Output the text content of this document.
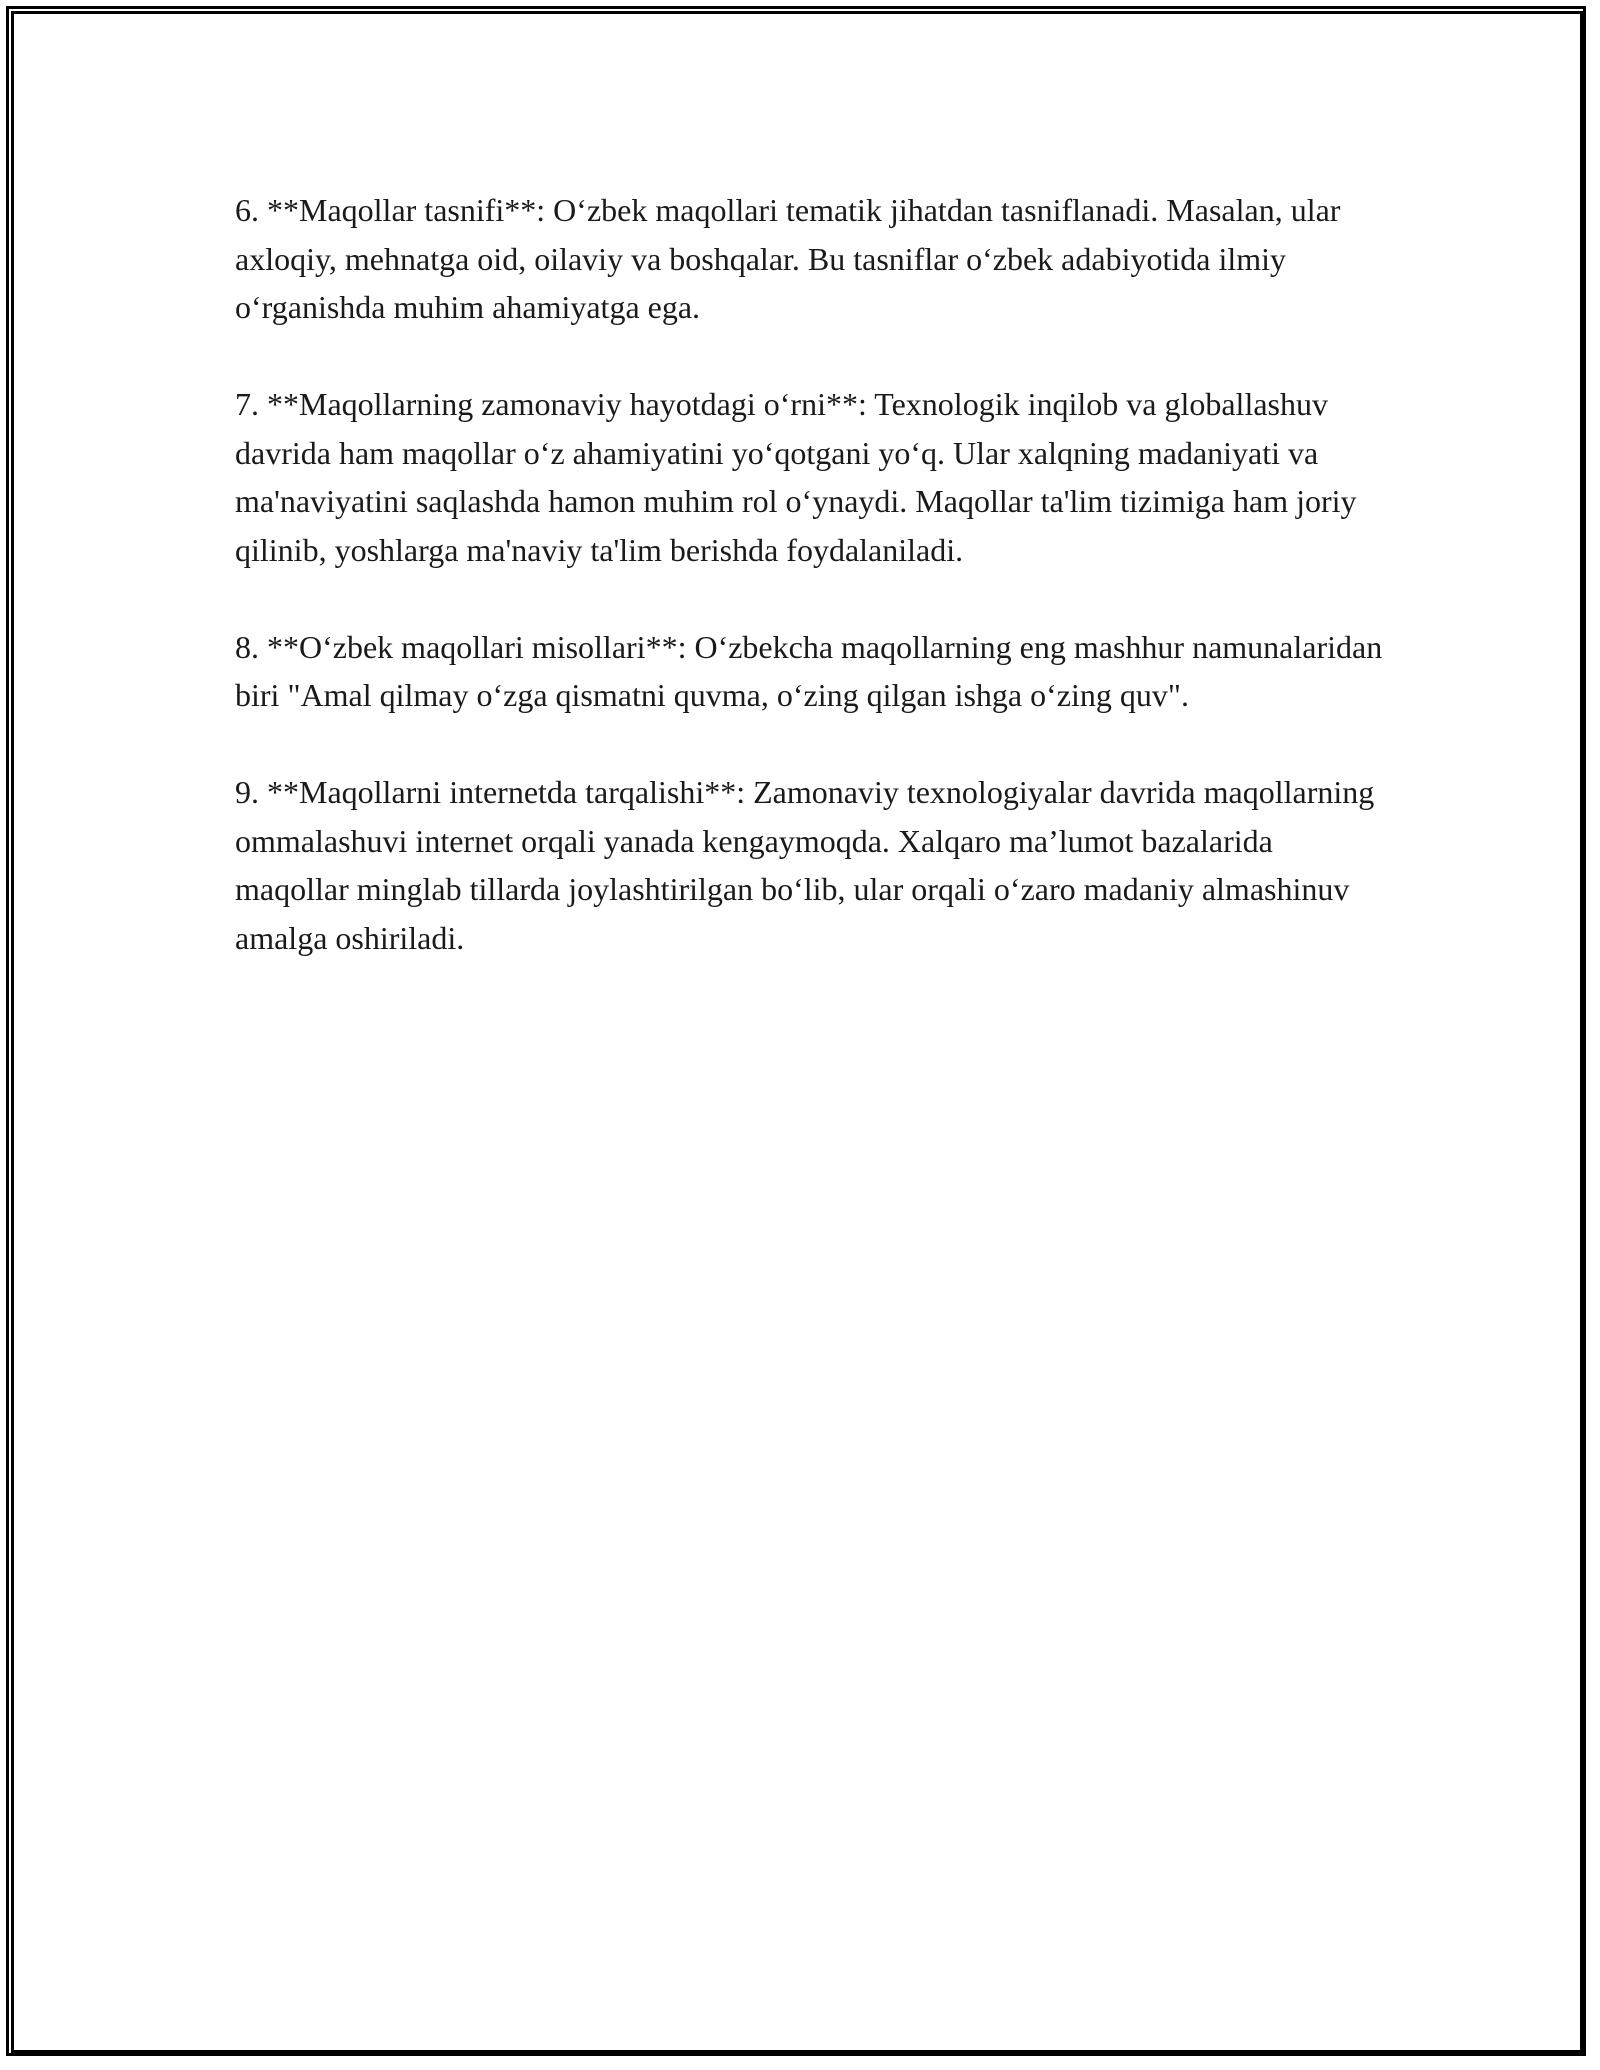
6. **Maqollar tasnifi**: O‘zbek maqollari tematik jihatdan tasniflanadi. Masalan, ular axloqiy, mehnatga oid, oilaviy va boshqalar. Bu tasniflar o‘zbek adabiyotida ilmiy o‘rganishda muhim ahamiyatga ega.

7. **Maqollarning zamonaviy hayotdagi o‘rni**: Texnologik inqilob va globallashuv davrida ham maqollar o‘z ahamiyatini yo‘qotgani yo‘q. Ular xalqning madaniyati va ma'naviyatini saqlashda hamon muhim rol o‘ynaydi. Maqollar ta'lim tizimiga ham joriy qilinib, yoshlarga ma'naviy ta'lim berishda foydalaniladi.

8. **O‘zbek maqollari misollari**: O‘zbekcha maqollarning eng mashhur namunalaridan biri "Amal qilmay o‘zga qismatni quvma, o‘zing qilgan ishga o‘zing quv".

9. **Maqollarni internetda tarqalishi**: Zamonaviy texnologiyalar davrida maqollarning ommalashuvi internet orqali yanada kengaymoqda. Xalqaro ma’lumot bazalarida maqollar minglab tillarda joylashtirilgan bo‘lib, ular orqali o‘zaro madaniy almashinuv amalga oshiriladi.
